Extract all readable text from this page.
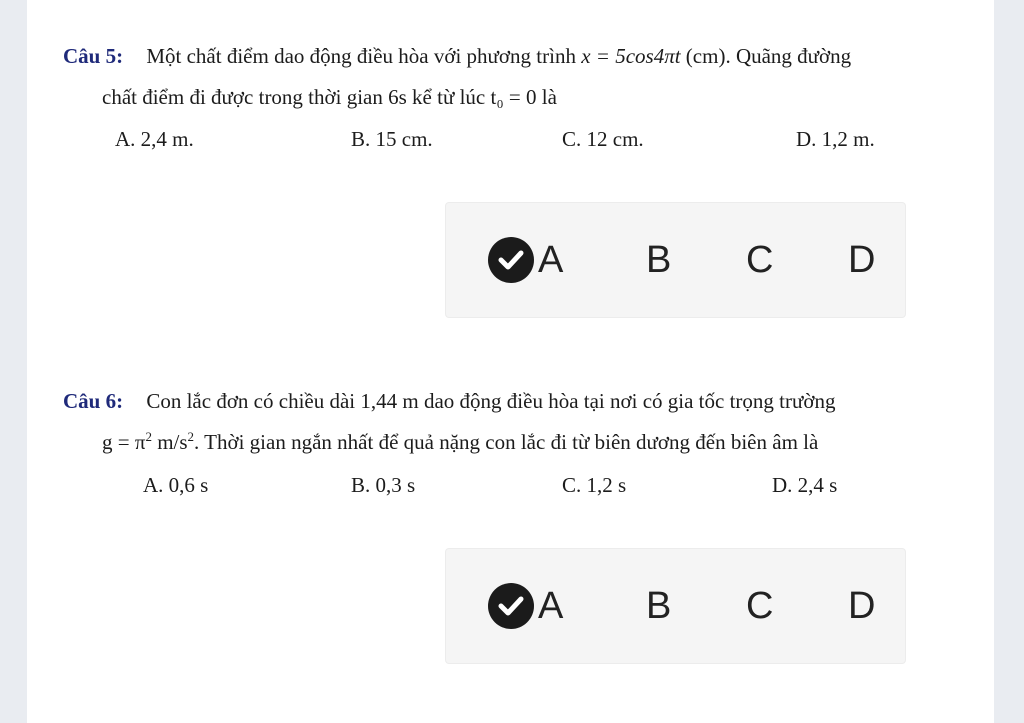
Câu 5: Một chất điểm dao động điều hòa với phương trình x = 5cos4πt (cm). Quãng đường
chất điểm đi được trong thời gian 6s kể từ lúc t₀ = 0 là
A. 2,4 m.	B. 15 cm.	C. 12 cm.	D. 1,2 m.
A B C D
Câu 6: Con lắc đơn có chiều dài 1,44 m dao động điều hòa tại nơi có gia tốc trọng trường
$g = \pi^2$ $m/s^2$. Thời gian ngắn nhất để quả nặng con lắc đi từ biên dương đến biên âm là
A. 0,6 s	B. 0,3 s	C. 1,2 s	D. 2,4 s
A B C D
